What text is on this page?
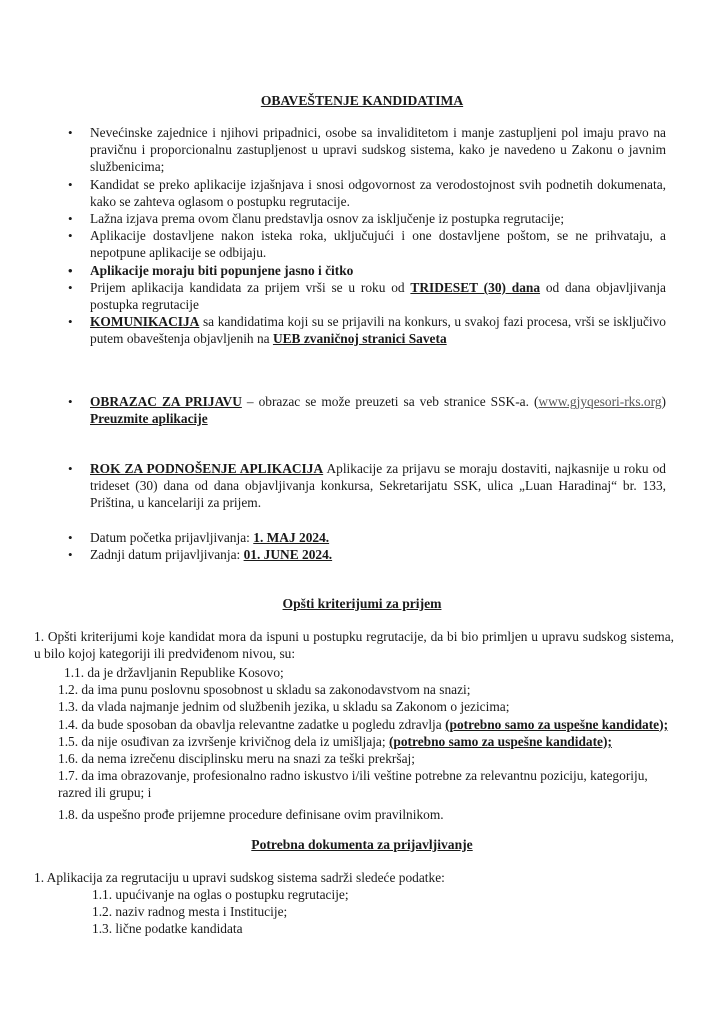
OBAVEŠTENJE KANDIDATIMA
• Nevećinske zajednice i njihovi pripadnici, osobe sa invaliditetom i manje zastupljeni pol imaju pravo na pravičnu i proporcionalnu zastupljenost u upravi sudskog sistema, kako je navedeno u Zakonu o javnim službenicima;
• Kandidat se preko aplikacije izjašnjava i snosi odgovornost za verodostojnost svih podnetih dokumenata, kako se zahteva oglasom o postupku regrutacije.
• Lažna izjava prema ovom članu predstavlja osnov za isključenje iz postupka regrutacije;
• Aplikacije dostavljene nakon isteka roka, uključujući i one dostavljene poštom, se ne prihvataju, a nepotpune aplikacije se odbijaju.
• Aplikacije moraju biti popunjene jasno i čitko
• Prijem aplikacija kandidata za prijem vrši se u roku od TRIDESET (30) dana od dana objavljivanja postupka regrutacije
• KOMUNIKACIJA sa kandidatima koji su se prijavili na konkurs, u svakoj fazi procesa, vrši se isključivo putem obaveštenja objavljenih na UEB zvaničnoj stranici Saveta
• OBRAZAC ZA PRIJAVU – obrazac se može preuzeti sa veb stranice SSK-a. (www.gjyqesori-rks.org) Preuzmite aplikacije
• ROK ZA PODNOŠENJE APLIKACIJA Aplikacije za prijavu se moraju dostaviti, najkasnije u roku od trideset (30) dana od dana objavljivanja konkursa, Sekretarijatu SSK, ulica „Luan Haradinaj“ br. 133, Priština, u kancelariji za prijem.
• Datum početka prijavljivanja: 1. MAJ 2024.
• Zadnji datum prijavljivanja: 01. JUNE 2024.
Opšti kriterijumi za prijem
1. Opšti kriterijumi koje kandidat mora da ispuni u postupku regrutacije, da bi bio primljen u upravu sudskog sistema, u bilo kojoj kategoriji ili predviđenom nivou, su:
1.1. da je državljanin Republike Kosovo;
1.2. da ima punu poslovnu sposobnost u skladu sa zakonodavstvom na snazi;
1.3. da vlada najmanje jednim od službenih jezika, u skladu sa Zakonom o jezicima;
1.4. da bude sposoban da obavlja relevantne zadatke u pogledu zdravlja (potrebno samo za uspešne kandidate);
1.5. da nije osuđivan za izvršenje krivičnog dela iz umišljaja; (potrebno samo za uspešne kandidate);
1.6. da nema izrečenu disciplinsku meru na snazi za teški prekršaj;
1.7. da ima obrazovanje, profesionalno radno iskustvo i/ili veštine potrebne za relevantnu poziciju, kategoriju, razred ili grupu; i
1.8. da uspešno prođe prijemne procedure definisane ovim pravilnikom.
Potrebna dokumenta za prijavljivanje
1. Aplikacija za regrutaciju u upravi sudskog sistema sadrži sledeće podatke:
1.1. upućivanje na oglas o postupku regrutacije;
1.2. naziv radnog mesta i Institucije;
1.3. lične podatke kandidata
